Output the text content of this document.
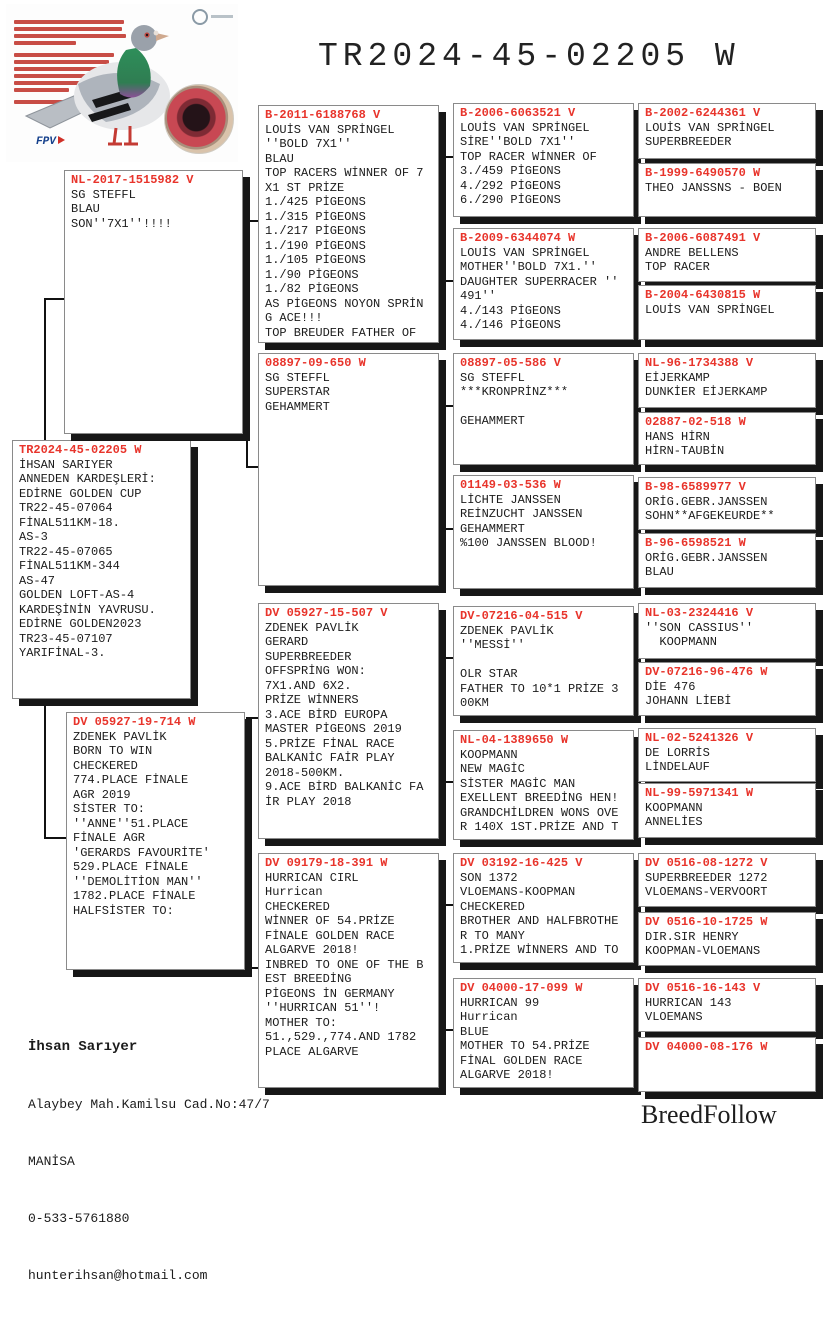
FPV
TR2024-45-02205 W
TR2024-45-02205 W
İHSAN SARIYER
ANNEDEN KARDEŞLERİ:
EDİRNE GOLDEN CUP
TR22-45-07064
FİNAL511KM-18.
AS-3
TR22-45-07065
FİNAL511KM-344
AS-47
GOLDEN LOFT-AS-4
KARDEŞİNİN YAVRUSU.
EDİRNE GOLDEN2023
TR23-45-07107
YARIFİNAL-3.
NL-2017-1515982 V
SG STEFFL
BLAU
SON''7X1''!!!!
DV 05927-19-714 W
ZDENEK PAVLİK
BORN TO WIN
CHECKERED
774.PLACE FİNALE
AGR 2019
SİSTER TO:
''ANNE''51.PLACE
FİNALE AGR
'GERARDS FAVOURİTE'
529.PLACE FİNALE
''DEMOLİTİON MAN''
1782.PLACE FİNALE
HALFSİSTER TO:
B-2011-6188768 V
LOUİS VAN SPRİNGEL
''BOLD 7X1''
BLAU
TOP RACERS WİNNER OF 7
X1 ST PRİZE
1./425 PİGEONS
1./315 PİGEONS
1./217 PİGEONS
1./190 PİGEONS
1./105 PİGEONS
1./90 PİGEONS
1./82 PİGEONS
AS PİGEONS NOYON SPRİN
G ACE!!!
TOP BREUDER FATHER OF
08897-09-650 W
SG STEFFL
SUPERSTAR
GEHAMMERT
DV 05927-15-507 V
ZDENEK PAVLİK
GERARD
SUPERBREEDER
OFFSPRİNG WON:
7X1.AND 6X2.
PRİZE WİNNERS
3.ACE BİRD EUROPA
MASTER PİGEONS 2019
5.PRİZE FİNAL RACE
BALKANİC FAİR PLAY
2018-500KM.
9.ACE BİRD BALKANİC FA
İR PLAY 2018
DV 09179-18-391 W
HURRICAN CIRL
Hurrican
CHECKERED
WİNNER OF 54.PRİZE
FİNALE GOLDEN RACE
ALGARVE 2018!
INBRED TO ONE OF THE B
EST BREEDİNG
PİGEONS İN GERMANY
''HURRICAN 51''!
MOTHER TO:
51.,529.,774.AND 1782
PLACE ALGARVE
B-2006-6063521 V
LOUİS VAN SPRİNGEL
SİRE''BOLD 7X1''
TOP RACER WİNNER OF
3./459 PİGEONS
4./292 PİGEONS
6./290 PİGEONS
B-2009-6344074 W
LOUİS VAN SPRİNGEL
MOTHER''BOLD 7X1.''
DAUGHTER SUPERRACER ''
491''
4./143 PİGEONS
4./146 PİGEONS
08897-05-586 V
SG STEFFL
***KRONPRİNZ***
GEHAMMERT
01149-03-536 W
LİCHTE JANSSEN
REİNZUCHT JANSSEN
GEHAMMERT
%100 JANSSEN BLOOD!
DV-07216-04-515 V
ZDENEK PAVLİK
''MESSİ''
OLR STAR
FATHER TO 10*1 PRİZE 3
00KM
NL-04-1389650 W
KOOPMANN
NEW MAGİC
SİSTER MAGİC MAN
EXELLENT BREEDİNG HEN!
GRANDCHİLDREN WONS OVE
R 140X 1ST.PRİZE AND T
DV 03192-16-425 V
SON 1372
VLOEMANS-KOOPMAN
CHECKERED
BROTHER AND HALFBROTHE
R TO MANY
1.PRİZE WİNNERS AND TO
DV 04000-17-099 W
HURRICAN 99
Hurrican
BLUE
MOTHER TO 54.PRİZE
FİNAL GOLDEN RACE
ALGARVE 2018!
B-2002-6244361 V
LOUİS VAN SPRİNGEL
SUPERBREEDER
B-1999-6490570 W
THEO JANSSNS - BOEN
B-2006-6087491 V
ANDRE BELLENS
TOP RACER
B-2004-6430815 W
LOUİS VAN SPRİNGEL
NL-96-1734388 V
EİJERKAMP
DUNKİER EİJERKAMP
02887-02-518 W
HANS HİRN
HİRN-TAUBİN
B-98-6589977 V
ORİG.GEBR.JANSSEN
SOHN**AFGEKEURDE**
B-96-6598521 W
ORİG.GEBR.JANSSEN
BLAU
NL-03-2324416 V
''SON CASSIUS''
KOOPMANN
DV-07216-96-476 W
DİE 476
JOHANN LİEBİ
NL-02-5241326 V
DE LORRİS
LİNDELAUF
NL-99-5971341 W
KOOPMANN
ANNELİES
DV 0516-08-1272 V
SUPERBREEDER 1272
VLOEMANS-VERVOORT
DV 0516-10-1725 W
DIR.SIR HENRY
KOOPMAN-VLOEMANS
DV 0516-16-143 V
HURRICAN 143
VLOEMANS
DV 04000-08-176 W

İhsan Sarıyer

Alaybey Mah.Kamilsu Cad.No:47/7

MANİSA

0-533-5761880

hunterihsan@hotmail.com

BreedFollow
